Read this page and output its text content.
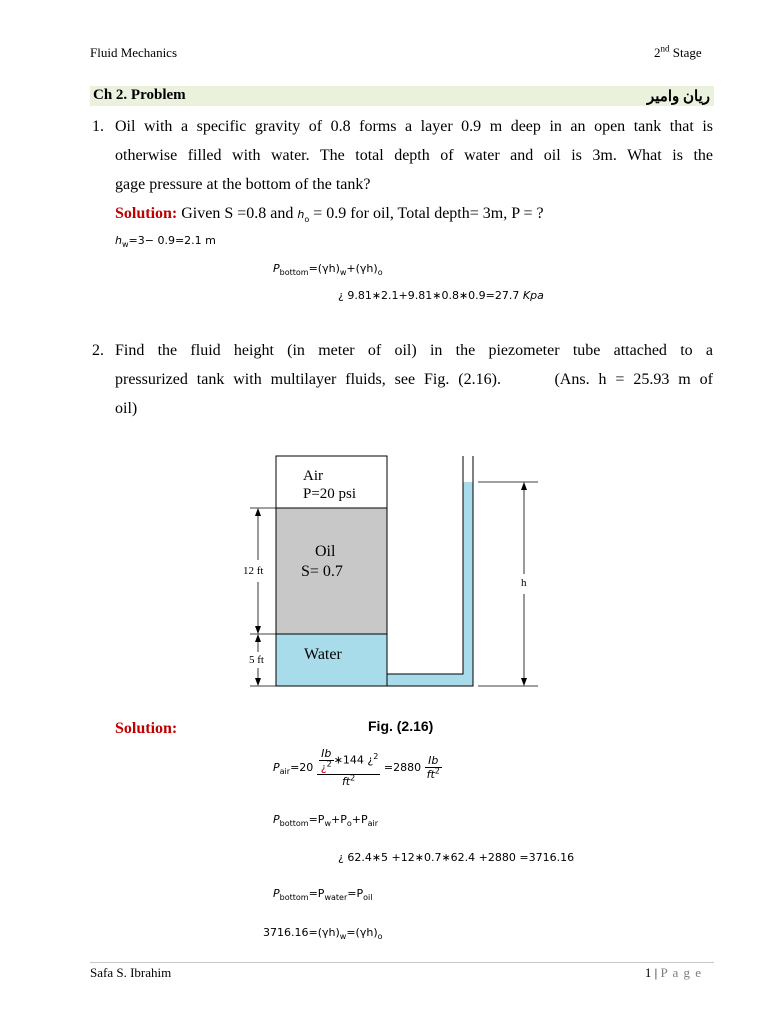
Fluid Mechanics	2nd Stage
Ch 2. Problem	ريان وامير
1. Oil with a specific gravity of 0.8 forms a layer 0.9 m deep in an open tank that is
otherwise filled with water. The total depth of water and oil is 3m. What is the
gage pressure at the bottom of the tank?
Solution: Given S =0.8 and $h_o = 0.9$ for oil, Total depth= 3m, P = ?
$h_w=3- 0.9=2.1$ m
$P_{bottom}=(\gamma h)_w+(\gamma h)_o$
¿ 9.81∗2.1+9.81∗0.8∗0.9=27.7 Kpa
2. Find the fluid height (in meter of oil) in the piezometer tube attached to a
pressurized tank with multilayer fluids, see Fig. (2.16).      (Ans. h = 25.93 m of
oil)
Air
P=20 psi
Oil
S= 0.7
Water
12 ft
5 ft
h
Solution:	Fig. (2.16)
$P_{air}=20 \frac{\frac{Ib}{¿^2} ∗144 ¿^2}{ft^2} =2880 \frac{Ib}{ft^2}$
$P_{bottom}=P_w+P_o+P_{air}$
¿ 62.4∗5 +12∗0.7∗62.4 +2880 =3716.16
$P_{bottom}=P_{water}=P_{oil}$
$3716.16=(\gamma h)_w=(\gamma h)_o$
Safa S. Ibrahim	1 | P a g e
